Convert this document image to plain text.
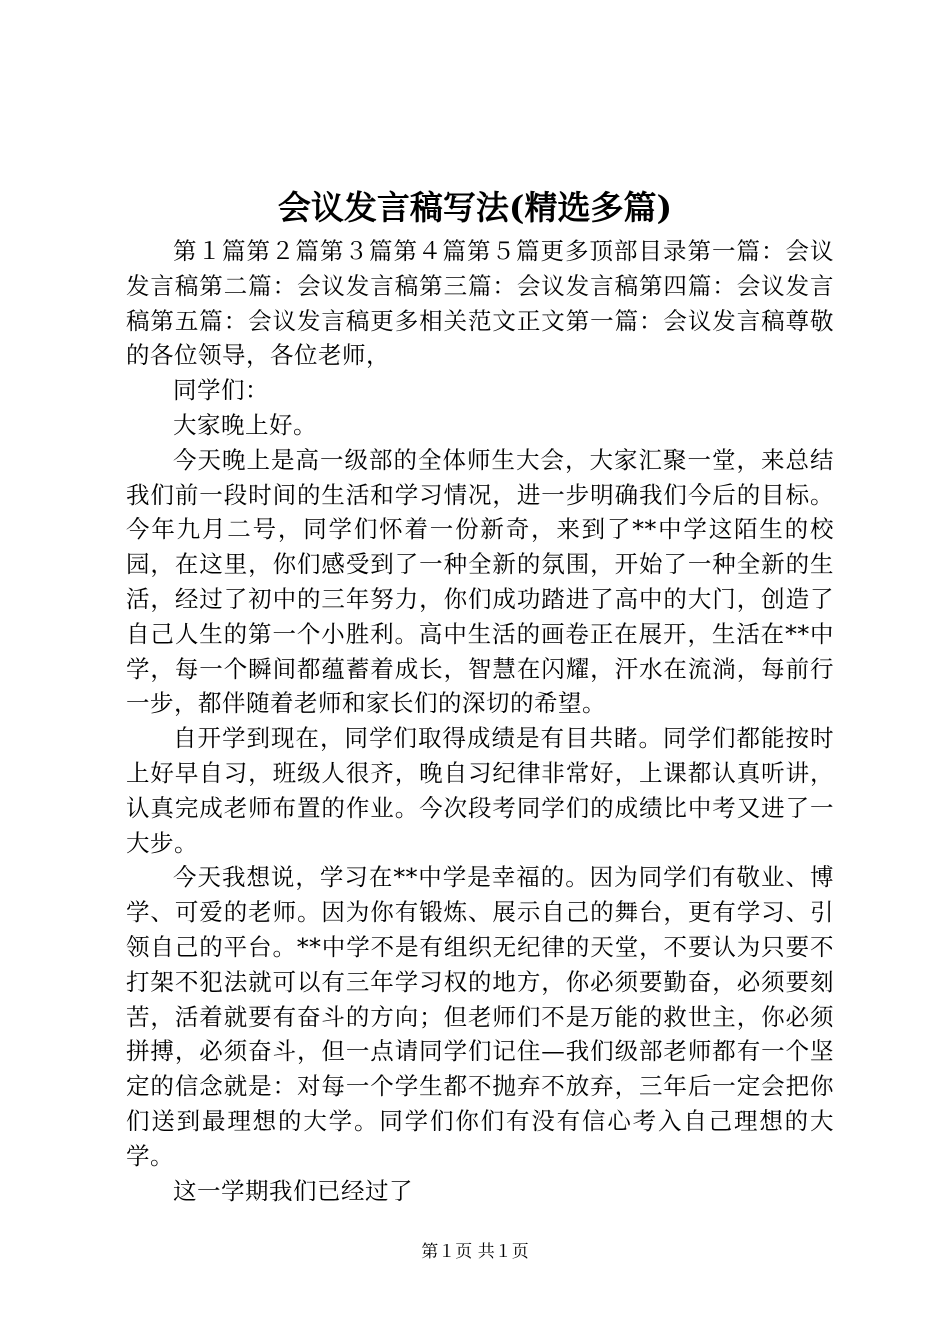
会议发言稿写法(精选多篇)

第１篇第２篇第３篇第４篇第５篇更多顶部目录第一篇：会议发言稿第二篇：会议发言稿第三篇：会议发言稿第四篇：会议发言稿第五篇：会议发言稿更多相关范文正文第一篇：会议发言稿尊敬的各位领导，各位老师，

同学们：

大家晚上好。

今天晚上是高一级部的全体师生大会，大家汇聚一堂，来总结我们前一段时间的生活和学习情况，进一步明确我们今后的目标。今年九月二号，同学们怀着一份新奇，来到了**中学这陌生的校园，在这里，你们感受到了一种全新的氛围，开始了一种全新的生活，经过了初中的三年努力，你们成功踏进了高中的大门，创造了自己人生的第一个小胜利。高中生活的画卷正在展开，生活在**中学，每一个瞬间都蕴蓄着成长，智慧在闪耀，汗水在流淌，每前行一步，都伴随着老师和家长们的深切的希望。

自开学到现在，同学们取得成绩是有目共睹。同学们都能按时上好早自习，班级人很齐，晚自习纪律非常好，上课都认真听讲，认真完成老师布置的作业。今次段考同学们的成绩比中考又进了一大步。

今天我想说，学习在**中学是幸福的。因为同学们有敬业、博学、可爱的老师。因为你有锻炼、展示自己的舞台，更有学习、引领自己的平台。**中学不是有组织无纪律的天堂，不要认为只要不打架不犯法就可以有三年学习权的地方，你必须要勤奋，必须要刻苦，活着就要有奋斗的方向；但老师们不是万能的救世主，你必须拼搏，必须奋斗，但一点请同学们记住—我们级部老师都有一个坚定的信念就是：对每一个学生都不抛弃不放弃，三年后一定会把你们送到最理想的大学。同学们你们有没有信心考入自己理想的大学。

这一学期我们已经过了

第１页 共１页
